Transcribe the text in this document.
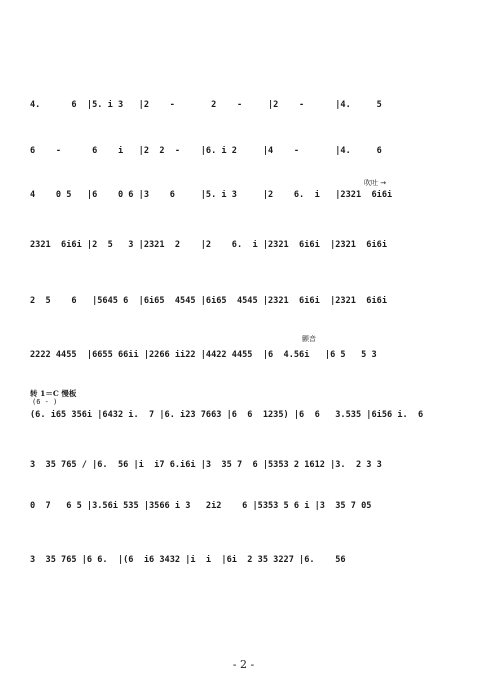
4.      6  |5. i 3   |2    -       2    -     |2    -      |4.     5
6    -      6    i   |2  2  -    |6. i 2     |4    -       |4.     6
吹吐 →
4    0 5   |6    0 6 |3    6     |5. i 3     |2    6.  i   |2321  6i6i
2321  6i6i |2  5   3 |2321  2    |2    6.  i |2321  6i6i  |2321  6i6i
2  5    6   |5645 6  |6i65  4545 |6i65  4545 |2321  6i6i  |2321  6i6i
颤音
2222 4455  |6655 66ii |2266 ii22 |4422 4455  |6  4.56i   |6 5   5 3
转 1＝C 慢板
(6 - )
(6. i65 356i |6432 i.  7 |6. i23 7663 |6  6  1235) |6  6   3.535 |6i56 i.  6
3  35 765 / |6.  56 |i  i7 6.i6i |3  35 7  6 |5353 2 1612 |3.  2 3 3
0  7   6 5 |3.56i 535 |3566 i 3   2i2    6 |5353 5 6 i |3  35 7 05
3  35 765 |6 6.  |(6  i6 3432 |i  i  |6i  2 35 3227 |6.    56
- 2 -
